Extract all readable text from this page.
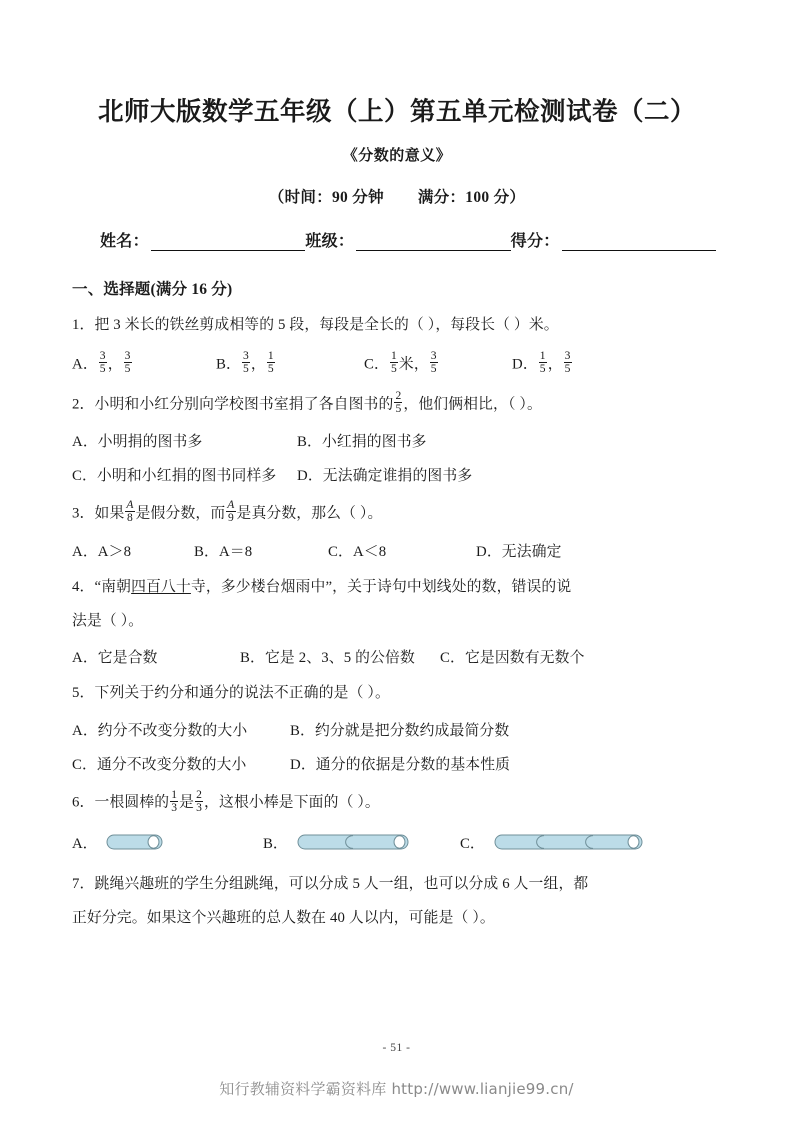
北师大版数学五年级（上）第五单元检测试卷（二）
《分数的意义》
（时间：90 分钟 满分：100 分）
姓名：	班级：	得分：
一、选择题(满分 16 分)
1．把 3 米长的铁丝剪成相等的 5 段，每段是全长的（ ），每段长（ ）米。
A． $\frac{3}{5}$ ， $\frac{3}{5}$	B． $\frac{3}{5}$ ， $\frac{1}{5}$	C． $\frac{1}{5}$ 米， $\frac{3}{5}$	D． $\frac{1}{5}$ ， $\frac{3}{5}$
2．小明和小红分别向学校图书室捐了各自图书的 $\frac{2}{5}$ ，他们俩相比，（ ）。
A．小明捐的图书多	B．小红捐的图书多
C．小明和小红捐的图书同样多	D．无法确定谁捐的图书多
3．如果 $\frac{A}{8}$ 是假分数，而 $\frac{A}{9}$ 是真分数，那么（ ）。
A．A＞8	B．A＝8	C．A＜8	D．无法确定
4．“南朝四百八十寺，多少楼台烟雨中”，关于诗句中划线处的数，错误的说
法是（ ）。
A．它是合数	B．它是 2、3、5 的公倍数	C．它是因数有无数个
5．下列关于约分和通分的说法不正确的是（ ）。
A．约分不改变分数的大小	B．约分就是把分数约成最简分数
C．通分不改变分数的大小	D．通分的依据是分数的基本性质
6．一根圆棒的 $\frac{1}{3}$ 是 $\frac{2}{3}$ ，这根小棒是下面的（ ）。
A．	B．	C．
7．跳绳兴趣班的学生分组跳绳，可以分成 5 人一组，也可以分成 6 人一组，都
正好分完。如果这个兴趣班的总人数在 40 人以内，可能是（ ）。
- 51 -
知行教辅资料学霸资料库 http://www.lianjie99.cn/
